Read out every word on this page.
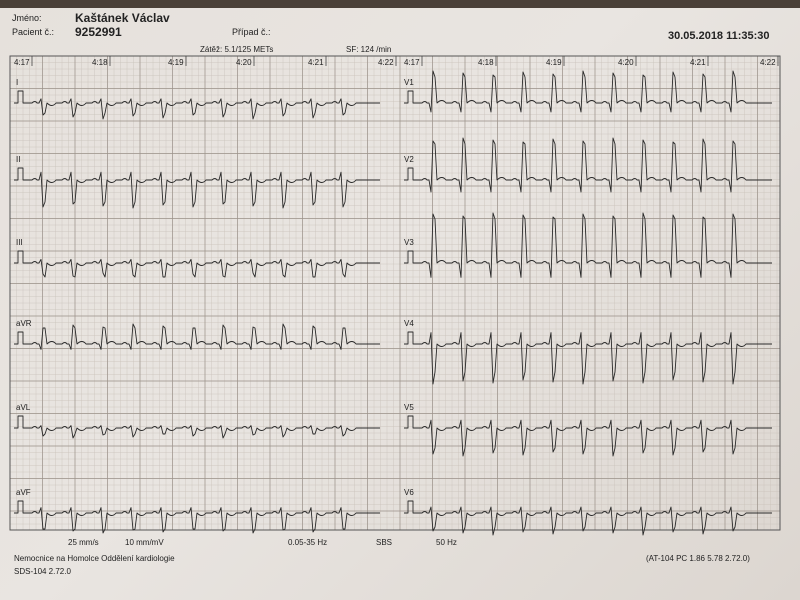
4:17	4:17
4:18	4:18
4:19	4:19
4:20	4:20
4:21	4:21
4:22	4:22
I
II
III
aVR
aVL
aVF
V1
V2
V3
V4
V5
V6
Jméno:	Kaštánek Václav
Pacient č.: 9252991	Případ č.:	30.05.2018 11:35:30
Zátěž: 5.1/125 METs	SF: 124 /min
25 mm/s	10 mm/mV	0.05-35 Hz	SBS	50 Hz
Nemocnice na Homolce Oddělení kardiologie
SDS-104 2.72.0
(AT-104 PC 1.86 5.78 2.72.0)
